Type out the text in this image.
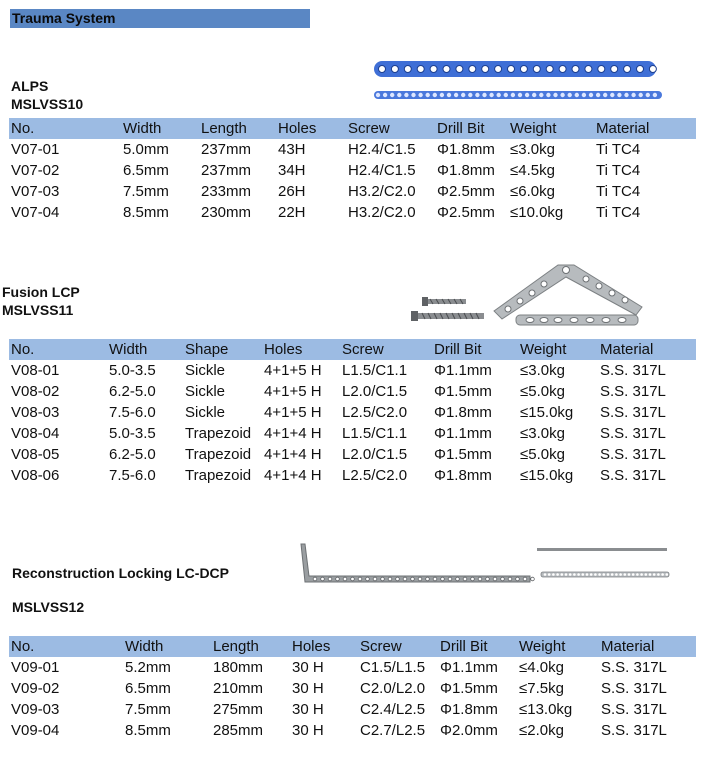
Trauma System
ALPS
MSLVSS10
No.	Width	Length	Holes	Screw	Drill Bit	Weight	Material
V07-01	5.0mm	237mm	43H	H2.4/C1.5	Φ1.8mm	≤3.0kg	Ti TC4
V07-02	6.5mm	237mm	34H	H2.4/C1.5	Φ1.8mm	≤4.5kg	Ti TC4
V07-03	7.5mm	233mm	26H	H3.2/C2.0	Φ2.5mm	≤6.0kg	Ti TC4
V07-04	8.5mm	230mm	22H	H3.2/C2.0	Φ2.5mm	≤10.0kg	Ti TC4
Fusion LCP
MSLVSS11
No.	Width	Shape	Holes	Screw	Drill Bit	Weight	Material
V08-01	5.0-3.5	Sickle	4+1+5 H	L1.5/C1.1	Φ1.1mm	≤3.0kg	S.S. 317L
V08-02	6.2-5.0	Sickle	4+1+5 H	L2.0/C1.5	Φ1.5mm	≤5.0kg	S.S. 317L
V08-03	7.5-6.0	Sickle	4+1+5 H	L2.5/C2.0	Φ1.8mm	≤15.0kg	S.S. 317L
V08-04	5.0-3.5	Trapezoid	4+1+4 H	L1.5/C1.1	Φ1.1mm	≤3.0kg	S.S. 317L
V08-05	6.2-5.0	Trapezoid	4+1+4 H	L2.0/C1.5	Φ1.5mm	≤5.0kg	S.S. 317L
V08-06	7.5-6.0	Trapezoid	4+1+4 H	L2.5/C2.0	Φ1.8mm	≤15.0kg	S.S. 317L
Reconstruction Locking LC-DCP
MSLVSS12
No.	Width	Length	Holes	Screw	Drill Bit	Weight	Material
V09-01	5.2mm	180mm	30 H	C1.5/L1.5	Φ1.1mm	≤4.0kg	S.S. 317L
V09-02	6.5mm	210mm	30 H	C2.0/L2.0	Φ1.5mm	≤7.5kg	S.S. 317L
V09-03	7.5mm	275mm	30 H	C2.4/L2.5	Φ1.8mm	≤13.0kg	S.S. 317L
V09-04	8.5mm	285mm	30 H	C2.7/L2.5	Φ2.0mm	≤2.0kg	S.S. 317L
